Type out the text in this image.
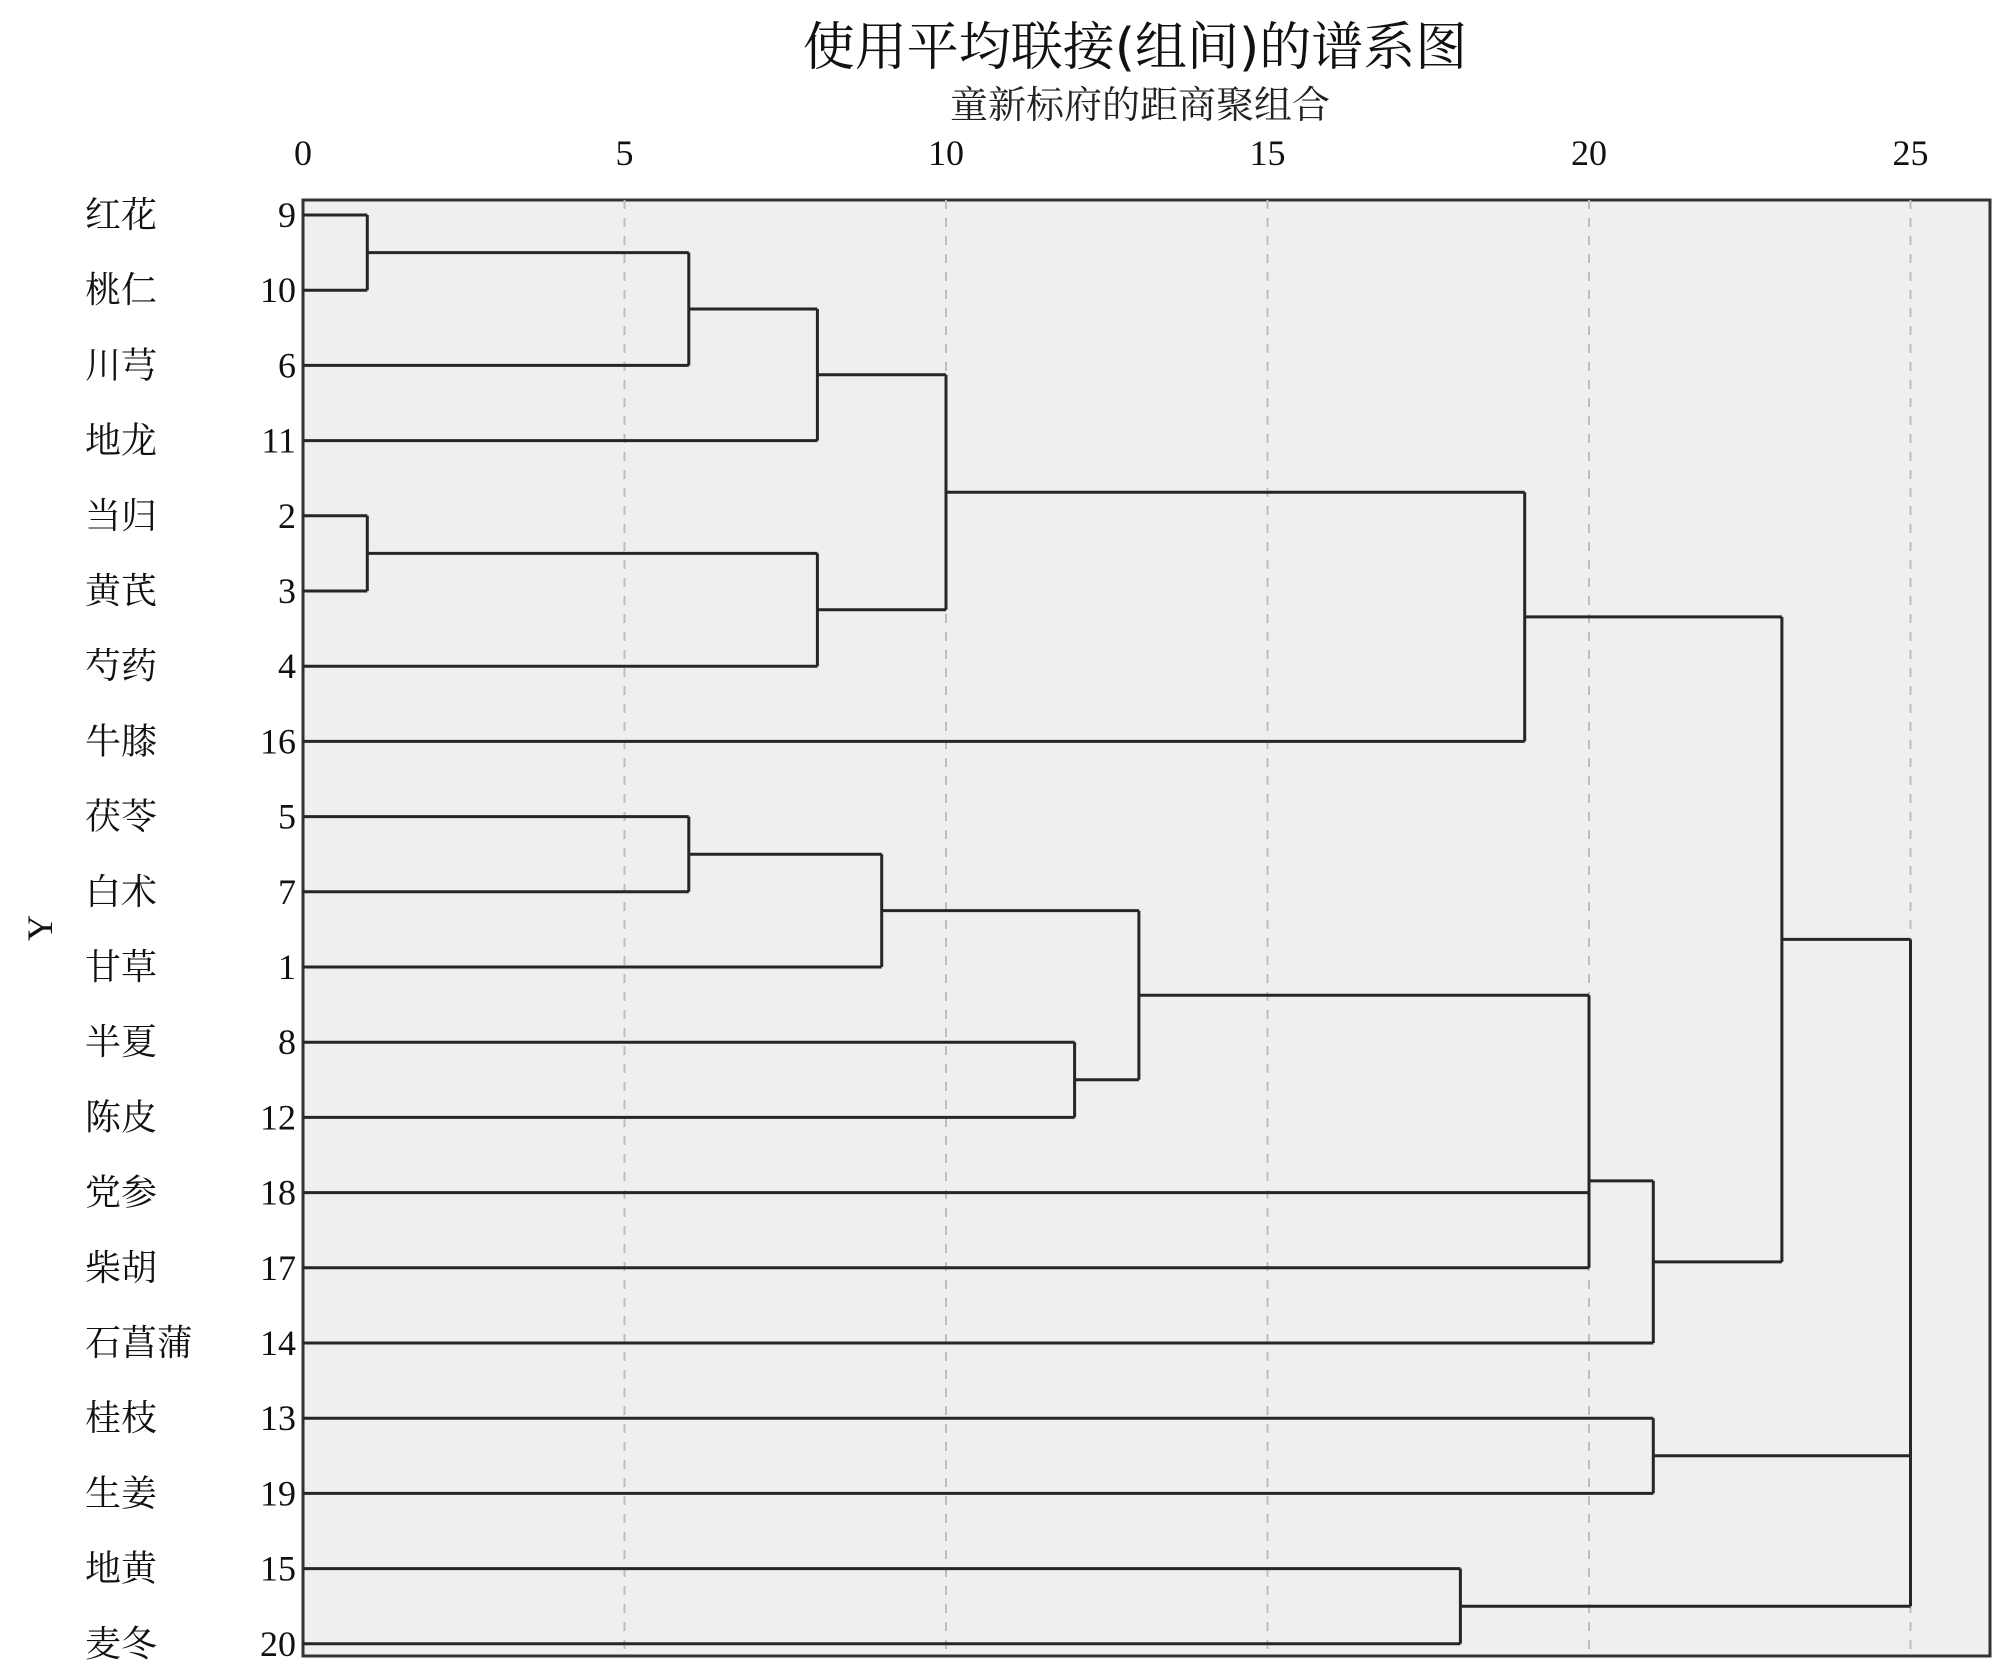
使用平均联接(组间)的谱系图
童新标府的距商聚组合
Y
0	5	10	15	20	25
红花	9
桃仁	10
川芎	6
地龙	11
当归	2
黄芪	3
芍药	4
牛膝	16
茯苓	5
白术	7
甘草	1
半夏	8
陈皮	12
党参	18
柴胡	17
石菖蒲 14
桂枝	13
生姜	19
地黄	15
麦冬	20
